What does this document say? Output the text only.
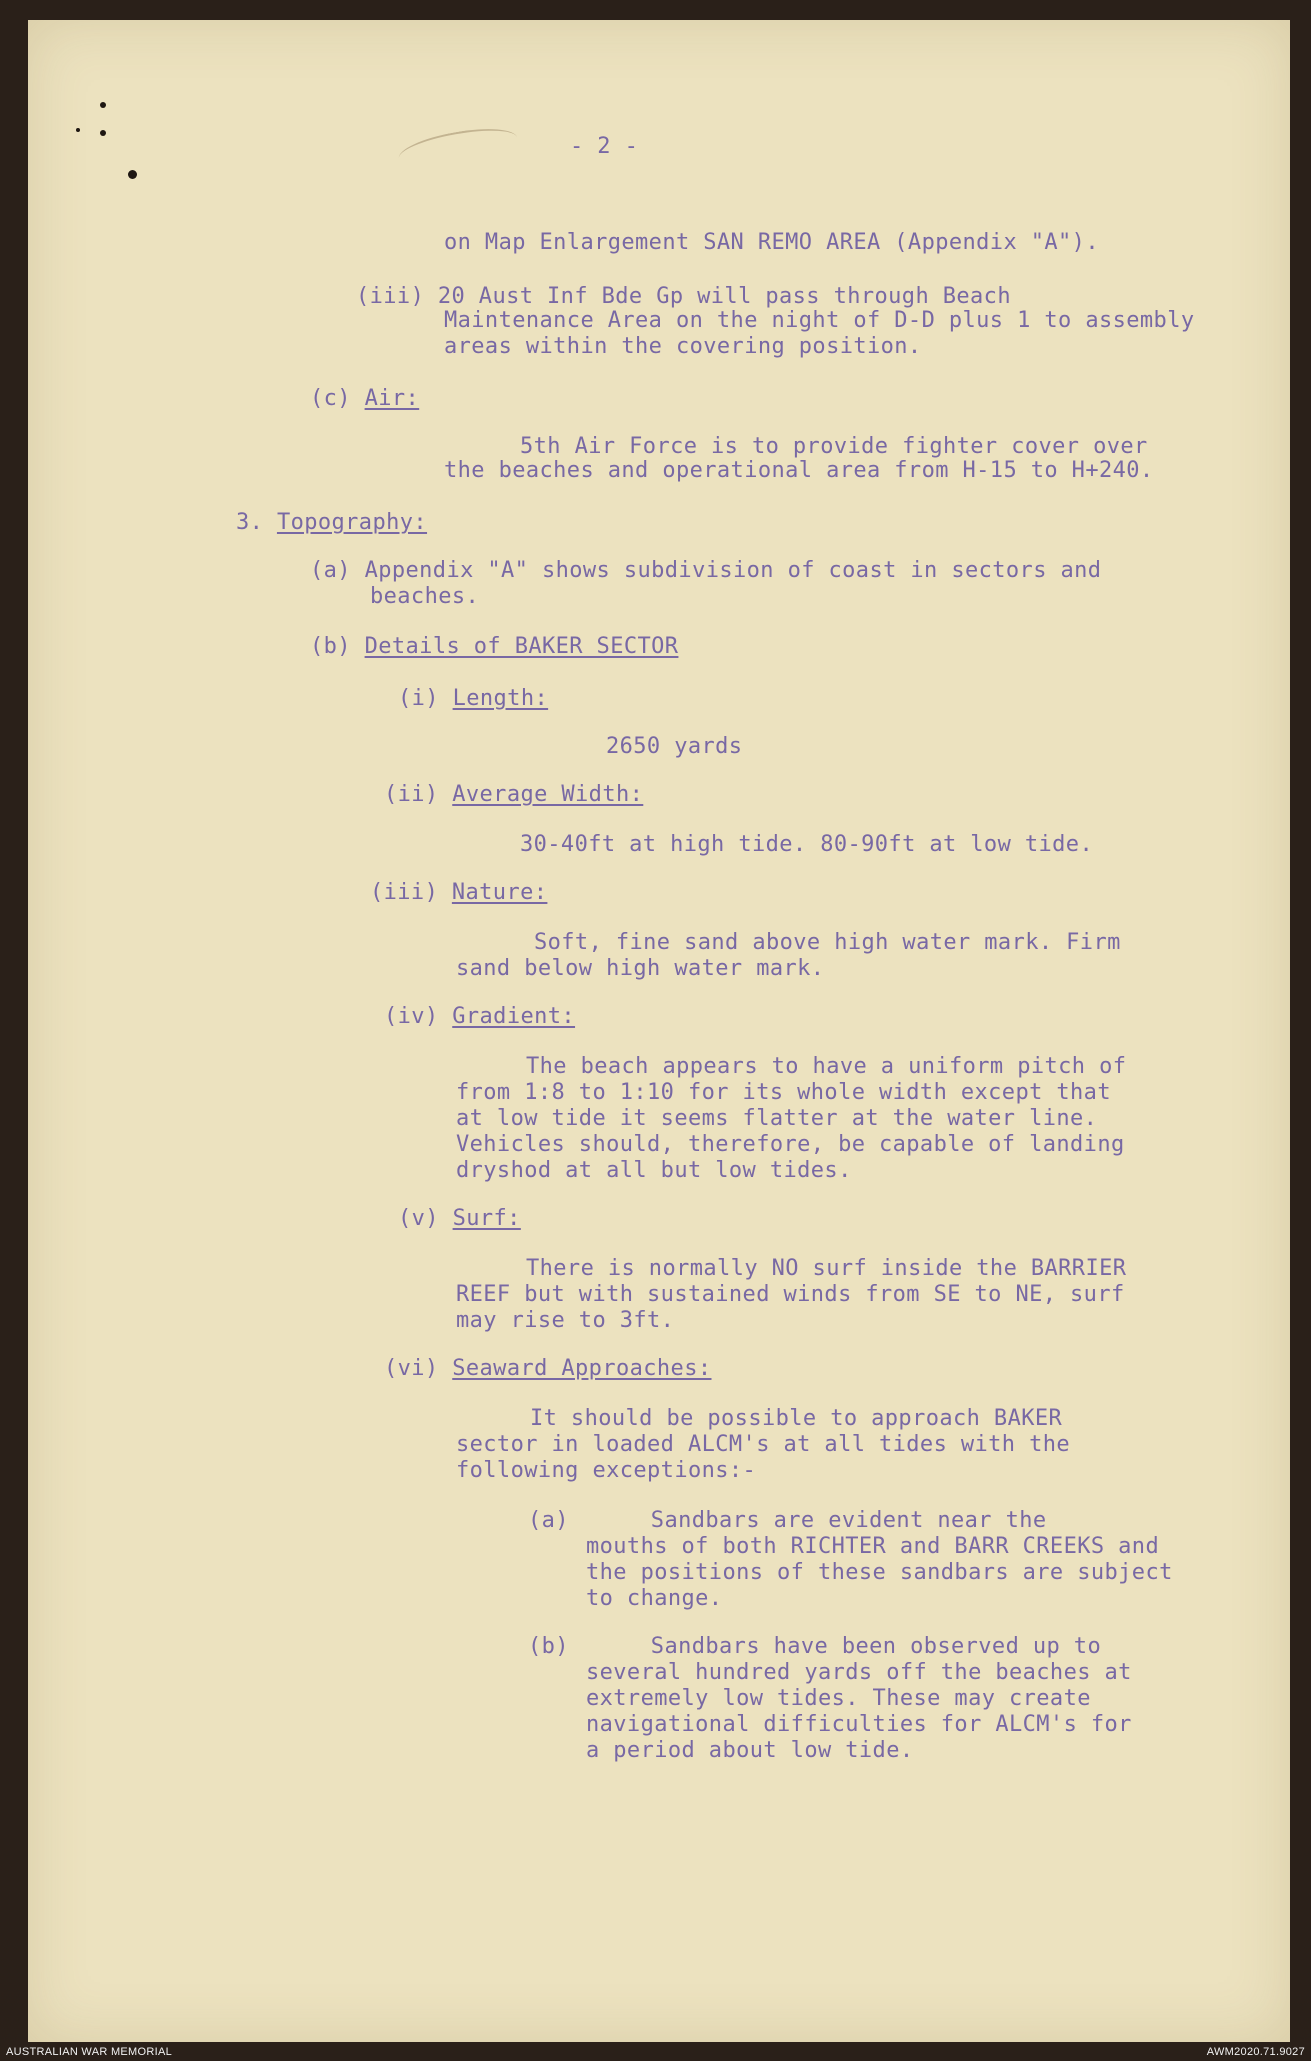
- 2 -
on Map Enlargement SAN REMO AREA (Appendix "A").
(iii) 20 Aust Inf Bde Gp will pass through Beach
Maintenance Area on the night of D-D plus 1 to assembly
areas within the covering position.
(c) Air:
5th Air Force is to provide fighter cover over
the beaches and operational area from H-15 to H+240.
3. Topography:
(a) Appendix "A" shows subdivision of coast in sectors and
beaches.
(b) Details of BAKER SECTOR
(i) Length:
2650 yards
(ii) Average Width:
30-40ft at high tide. 80-90ft at low tide.
(iii) Nature:
Soft, fine sand above high water mark. Firm
sand below high water mark.
(iv) Gradient:
The beach appears to have a uniform pitch of
from 1:8 to 1:10 for its whole width except that
at low tide it seems flatter at the water line.
Vehicles should, therefore, be capable of landing
dryshod at all but low tides.
(v) Surf:
There is normally NO surf inside the BARRIER
REEF but with sustained winds from SE to NE, surf
may rise to 3ft.
(vi) Seaward Approaches:
It should be possible to approach BAKER
sector in loaded ALCM's at all tides with the
following exceptions:-
(a)      Sandbars are evident near the
mouths of both RICHTER and BARR CREEKS and
the positions of these sandbars are subject
to change.
(b)      Sandbars have been observed up to
several hundred yards off the beaches at
extremely low tides. These may create
navigational difficulties for ALCM's for
a period about low tide.
AUSTRALIAN WAR MEMORIAL	AWM2020.71.9027
